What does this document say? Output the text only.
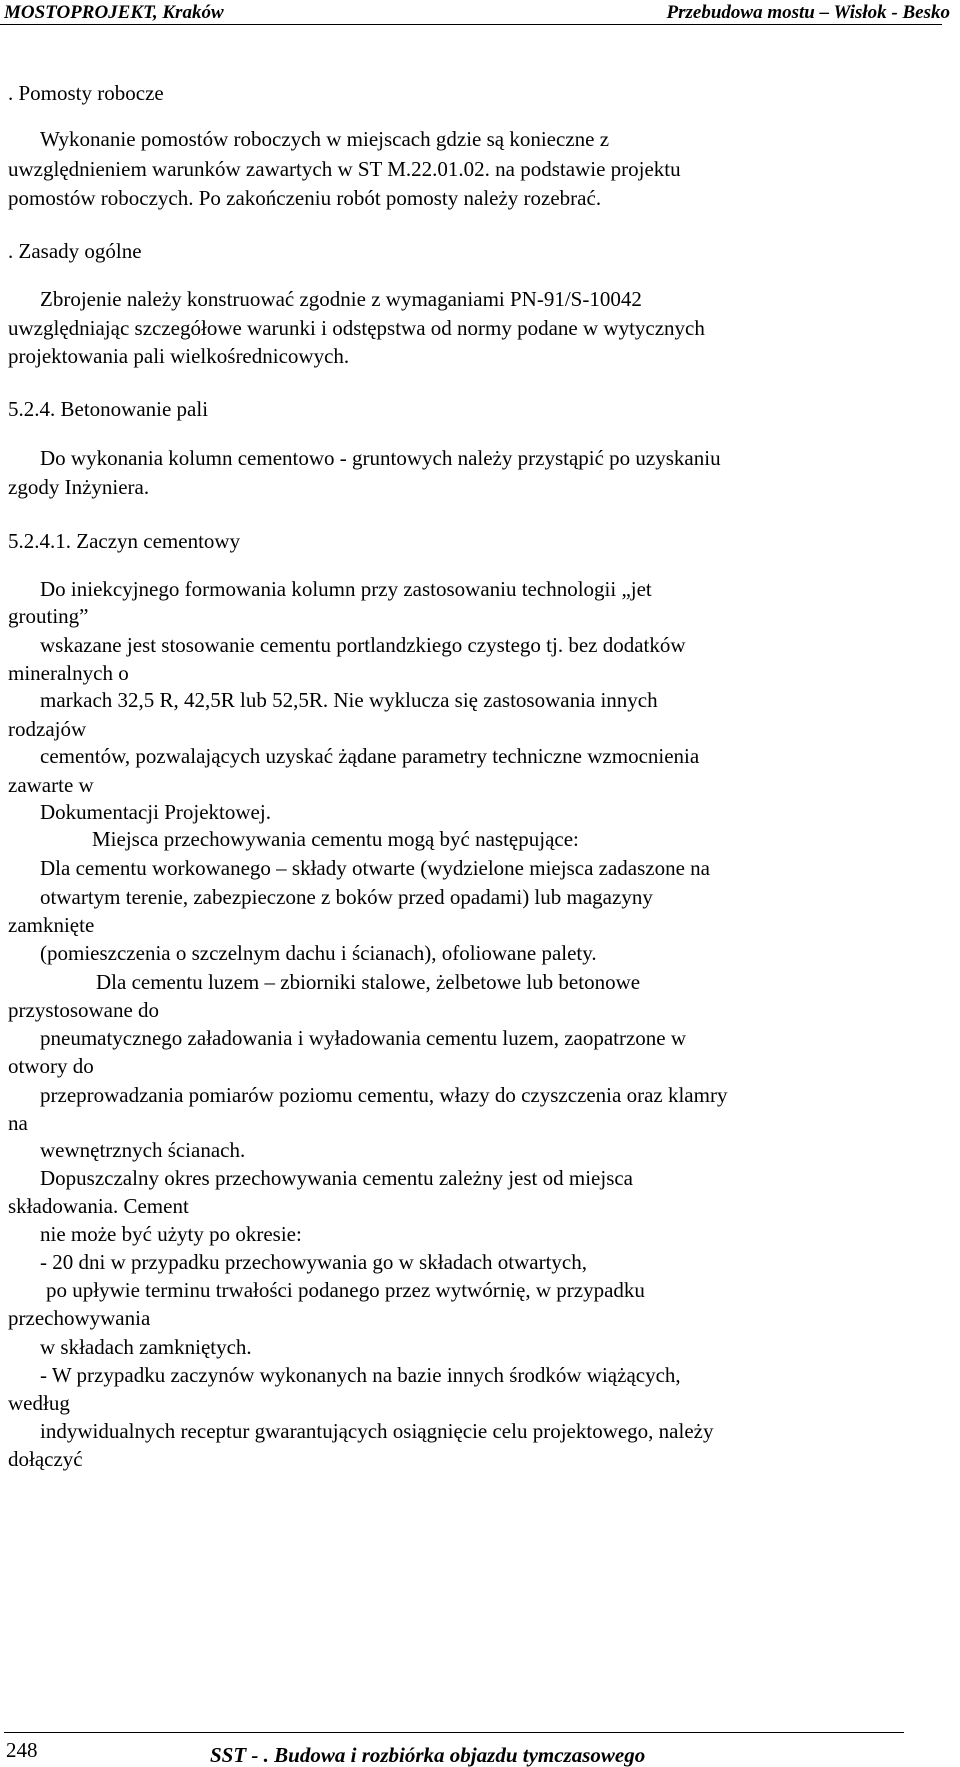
MOSTOPROJEKT, Kraków	Przebudowa mostu – Wisłok - Besko
. Pomosty robocze
Wykonanie pomostów roboczych w miejscach gdzie są konieczne z
uwzględnieniem warunków zawartych w ST M.22.01.02. na podstawie projektu
pomostów roboczych. Po zakończeniu robót pomosty należy rozebrać.
. Zasady ogólne
Zbrojenie należy konstruować zgodnie z wymaganiami PN-91/S-10042
uwzględniając szczegółowe warunki i odstępstwa od normy podane w wytycznych
projektowania pali wielkośrednicowych.
5.2.4. Betonowanie pali
Do wykonania kolumn cementowo - gruntowych należy przystąpić po uzyskaniu
zgody Inżyniera.
5.2.4.1. Zaczyn cementowy
Do iniekcyjnego formowania kolumn przy zastosowaniu technologii „jet
grouting”
wskazane jest stosowanie cementu portlandzkiego czystego tj. bez dodatków
mineralnych o
markach 32,5 R, 42,5R lub 52,5R. Nie wyklucza się zastosowania innych
rodzajów
cementów, pozwalających uzyskać żądane parametry techniczne wzmocnienia
zawarte w
Dokumentacji Projektowej.
Miejsca przechowywania cementu mogą być następujące:
Dla cementu workowanego – składy otwarte (wydzielone miejsca zadaszone na
otwartym terenie, zabezpieczone z boków przed opadami) lub magazyny
zamknięte
(pomieszczenia o szczelnym dachu i ścianach), ofoliowane palety.
Dla cementu luzem – zbiorniki stalowe, żelbetowe lub betonowe
przystosowane do
pneumatycznego załadowania i wyładowania cementu luzem, zaopatrzone w
otwory do
przeprowadzania pomiarów poziomu cementu, włazy do czyszczenia oraz klamry
na
wewnętrznych ścianach.
Dopuszczalny okres przechowywania cementu zależny jest od miejsca
składowania. Cement
nie może być użyty po okresie:
- 20 dni w przypadku przechowywania go w składach otwartych,
po upływie terminu trwałości podanego przez wytwórnię, w przypadku
przechowywania
w składach zamkniętych.
- W przypadku zaczynów wykonanych na bazie innych środków wiążących,
według
indywidualnych receptur gwarantujących osiągnięcie celu projektowego, należy
dołączyć
248	SST - . Budowa i rozbiórka objazdu tymczasowego
